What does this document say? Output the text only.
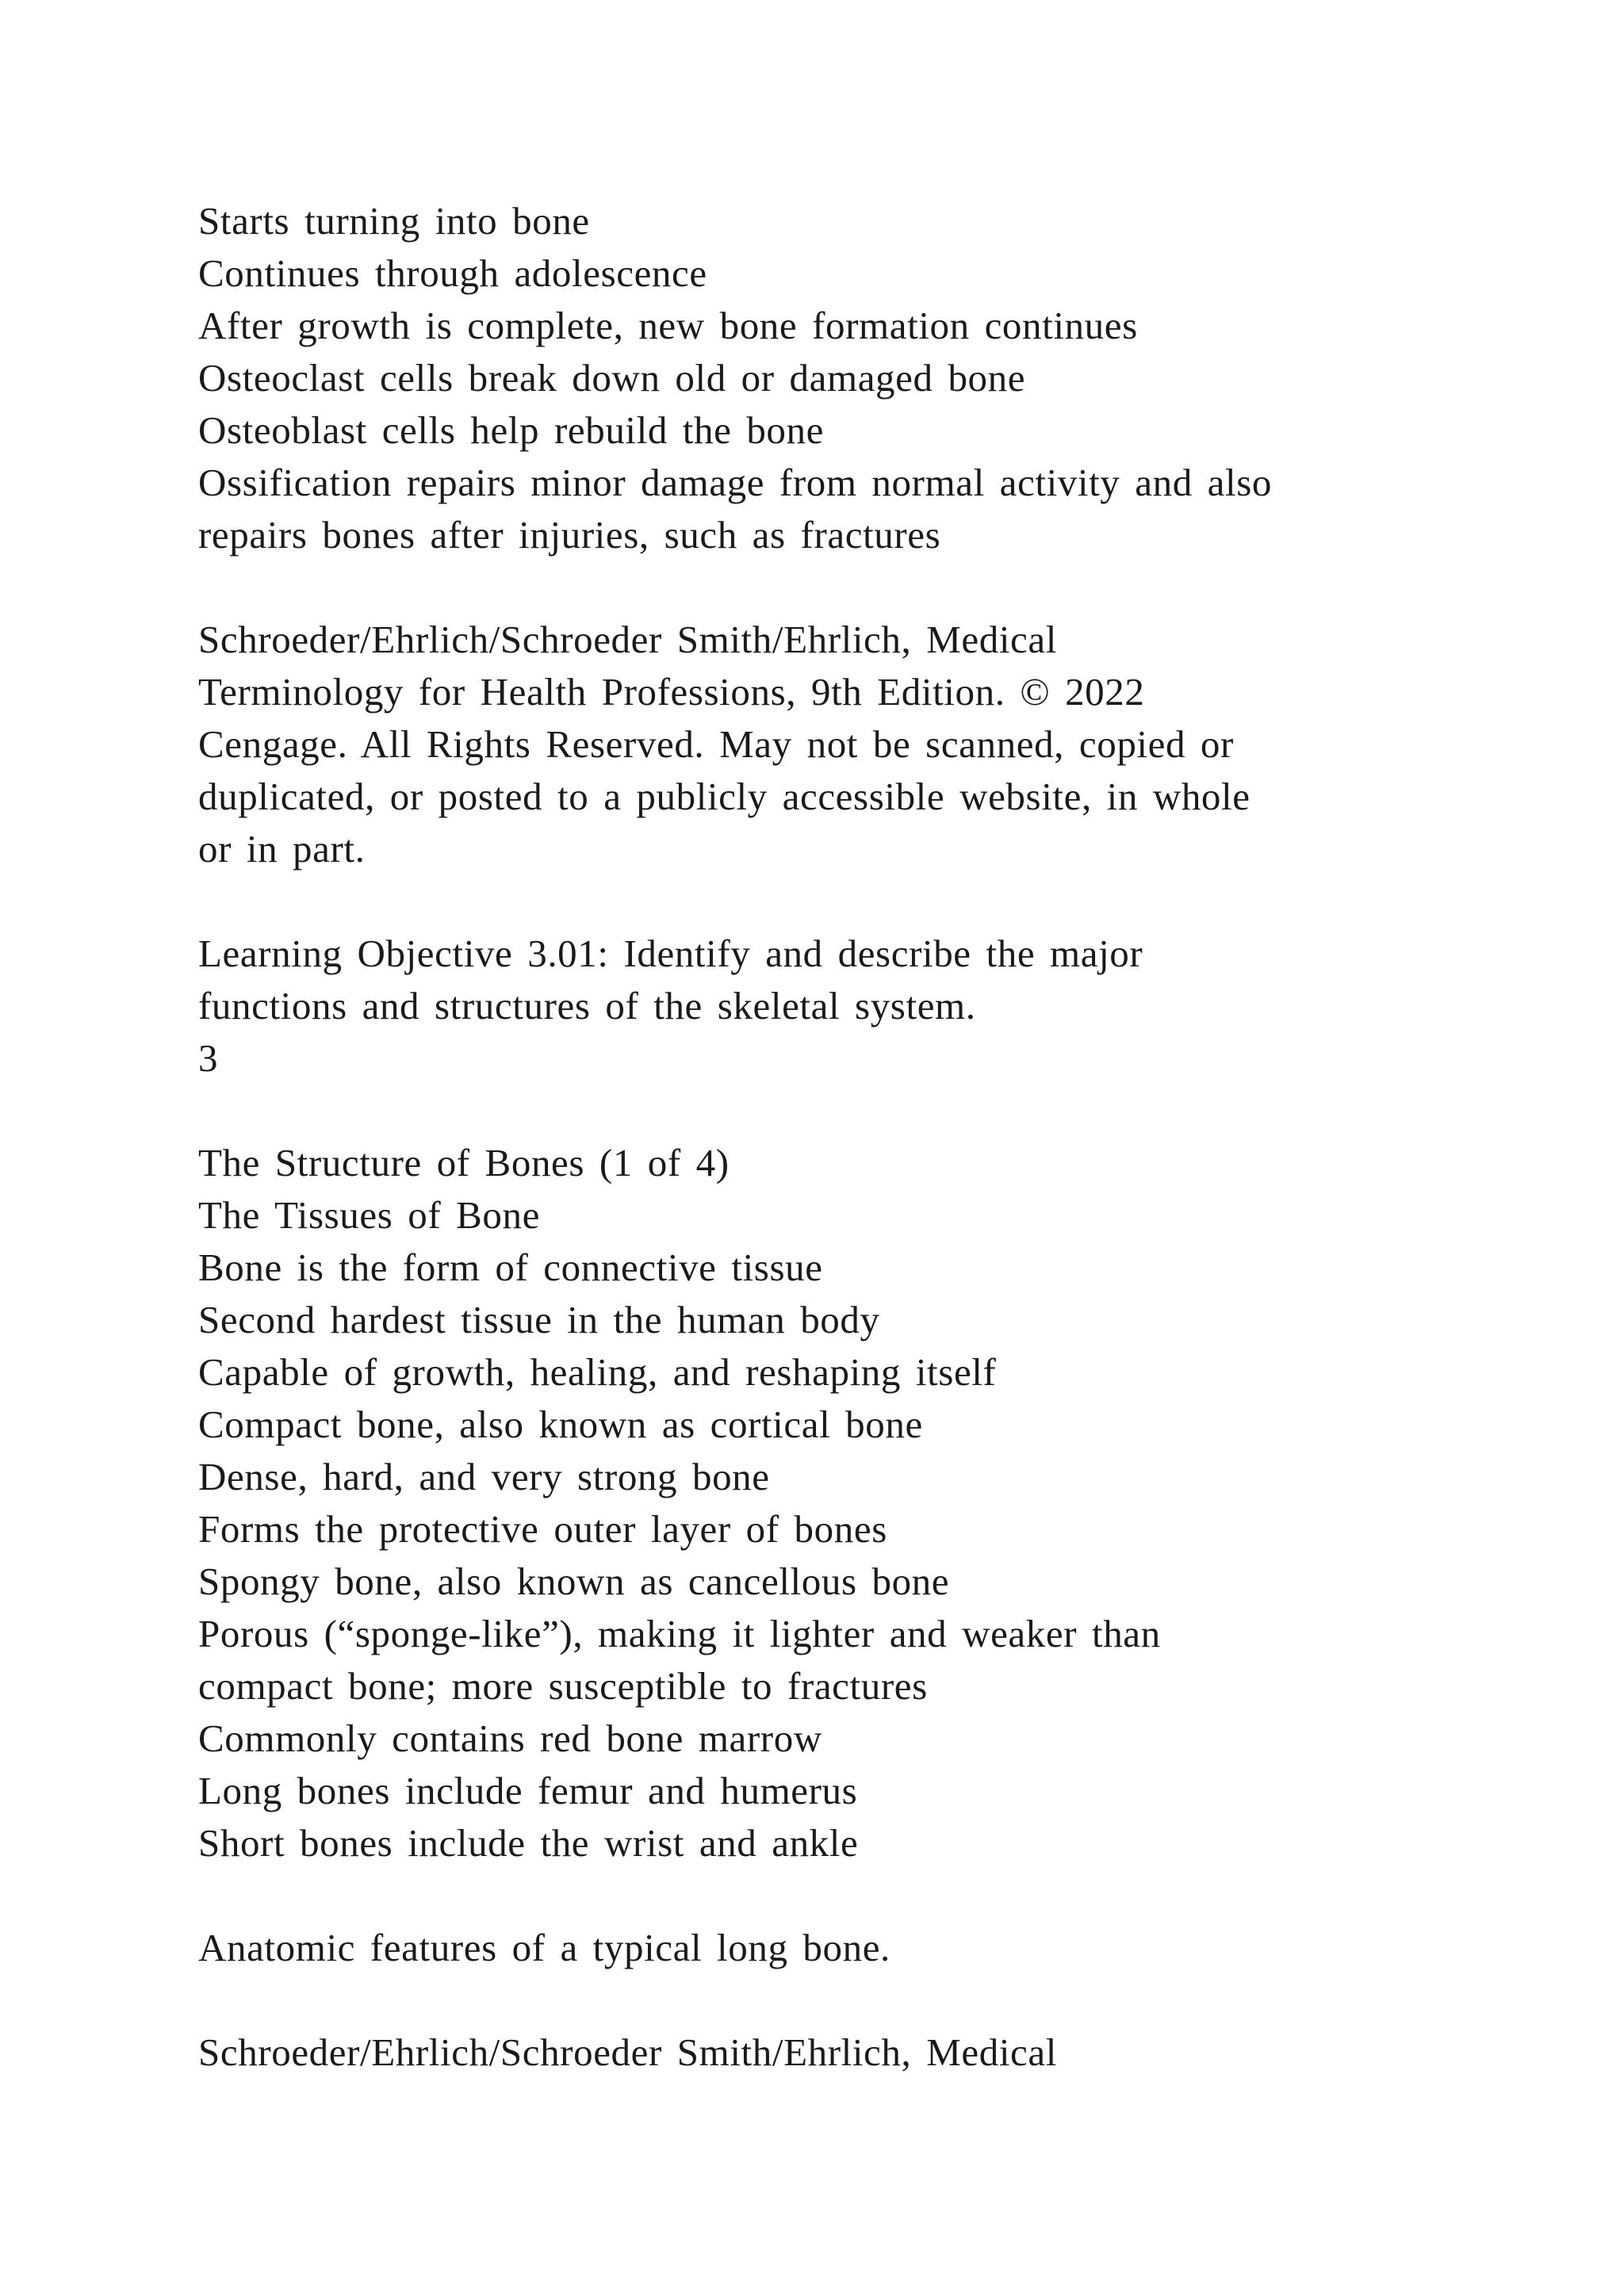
Starts turning into bone
Continues through adolescence
After growth is complete, new bone formation continues
Osteoclast cells break down old or damaged bone
Osteoblast cells help rebuild the bone
Ossification repairs minor damage from normal activity and also
repairs bones after injuries, such as fractures
Schroeder/Ehrlich/Schroeder Smith/Ehrlich, Medical
Terminology for Health Professions, 9th Edition. © 2022
Cengage. All Rights Reserved. May not be scanned, copied or
duplicated, or posted to a publicly accessible website, in whole
or in part.
Learning Objective 3.01: Identify and describe the major
functions and structures of the skeletal system.
3
The Structure of Bones (1 of 4)
The Tissues of Bone
Bone is the form of connective tissue
Second hardest tissue in the human body
Capable of growth, healing, and reshaping itself
Compact bone, also known as cortical bone
Dense, hard, and very strong bone
Forms the protective outer layer of bones
Spongy bone, also known as cancellous bone
Porous (“sponge-like”), making it lighter and weaker than
compact bone; more susceptible to fractures
Commonly contains red bone marrow
Long bones include femur and humerus
Short bones include the wrist and ankle
Anatomic features of a typical long bone.
Schroeder/Ehrlich/Schroeder Smith/Ehrlich, Medical
